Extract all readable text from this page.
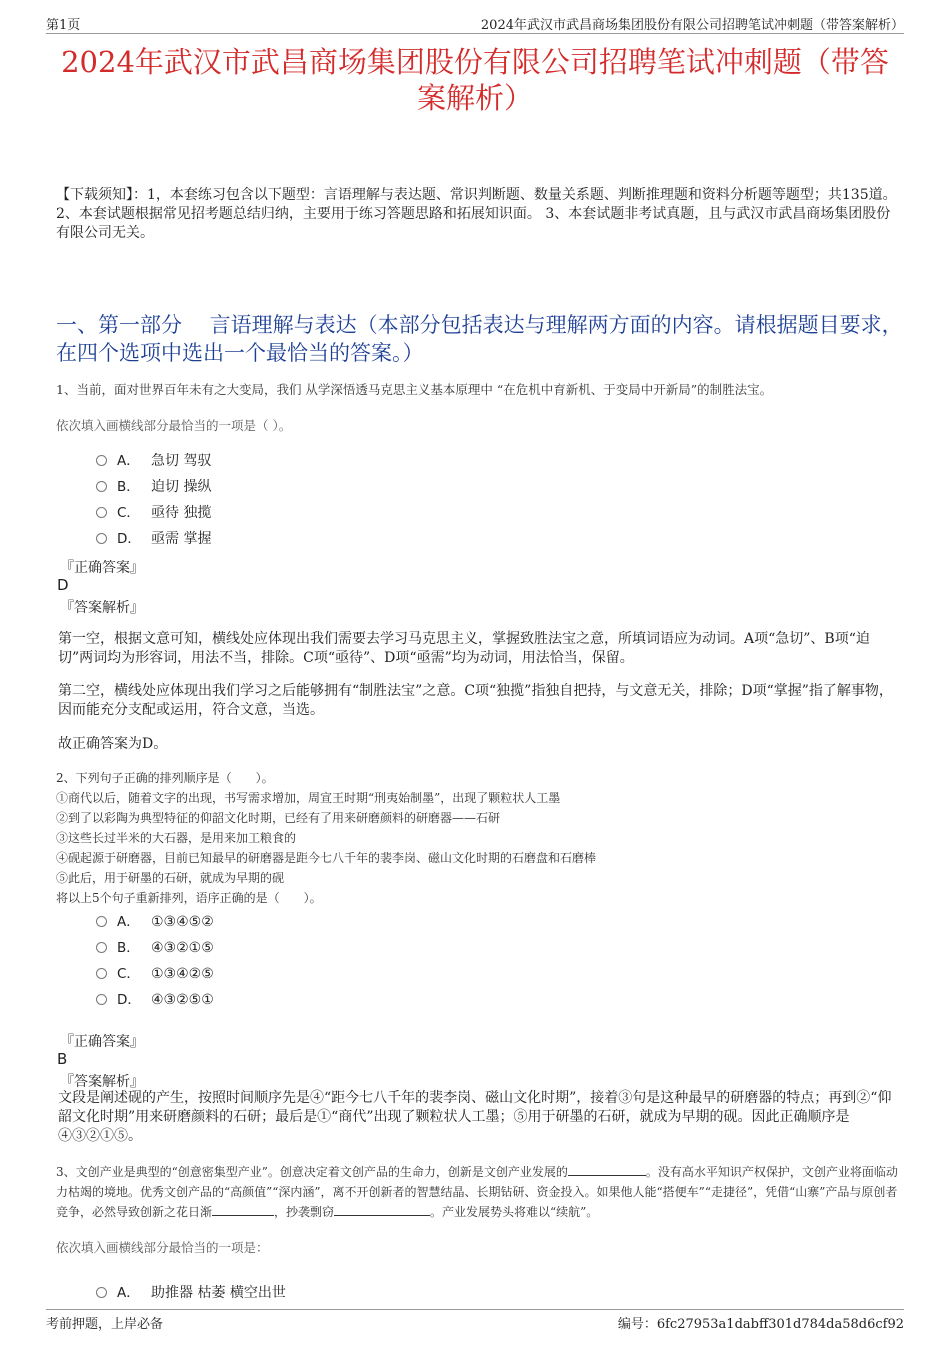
第1页	2024年武汉市武昌商场集团股份有限公司招聘笔试冲刺题（带答案解析）
2024年武汉市武昌商场集团股份有限公司招聘笔试冲刺题（带答案解析）
【下载须知】：1，本套练习包含以下题型：言语理解与表达题、常识判断题、数量关系题、判断推理题和资料分析题等题型；共135道。 2、本套试题根据常见招考题总结归纳，主要用于练习答题思路和拓展知识面。 3、本套试题非考试真题，且与武汉市武昌商场集团股份有限公司无关。
一、第一部分　 言语理解与表达（本部分包括表达与理解两方面的内容。请根据题目要求，在四个选项中选出一个最恰当的答案。）
1、当前，面对世界百年未有之大变局，我们 从学深悟透马克思主义基本原理中 “在危机中育新机、于变局中开新局”的制胜法宝。
依次填入画横线部分最恰当的一项是（ ）。
A． 急切 驾驭
B． 迫切 操纵
C． 亟待 独揽
D． 亟需 掌握
『正确答案』
D
『答案解析』
第一空，根据文意可知，横线处应体现出我们需要去学习马克思主义，掌握致胜法宝之意，所填词语应为动词。A项“急切”、B项“迫切”两词均为形容词，用法不当，排除。C项“亟待”、D项“亟需”均为动词，用法恰当，保留。
第二空，横线处应体现出我们学习之后能够拥有“制胜法宝”之意。C项“独揽”指独自把持，与文意无关，排除；D项“掌握”指了解事物，因而能充分支配或运用，符合文意，当选。
故正确答案为D。
2、下列句子正确的排列顺序是（　　）。
①商代以后，随着文字的出现，书写需求增加，周宣王时期“刑夷始制墨”，出现了颗粒状人工墨
②到了以彩陶为典型特征的仰韶文化时期，已经有了用来研磨颜料的研磨器——石研
③这些长过半米的大石器，是用来加工粮食的
④砚起源于研磨器，目前已知最早的研磨器是距今七八千年的裴李岗、磁山文化时期的石磨盘和石磨棒
⑤此后，用于研墨的石研，就成为早期的砚
将以上5个句子重新排列，语序正确的是（　　）。
A． ①③④⑤②
B． ④③②①⑤
C． ①③④②⑤
D． ④③②⑤①
『正确答案』
B
『答案解析』
文段是阐述砚的产生，按照时间顺序先是④“距今七八千年的裴李岗、磁山文化时期”，接着③句是这种最早的研磨器的特点；再到②“仰韶文化时期”用来研磨颜料的石研；最后是①“商代”出现了颗粒状人工墨；⑤用于研墨的石研，就成为早期的砚。因此正确顺序是④③②①⑤。
3、文创产业是典型的“创意密集型产业”。创意决定着文创产品的生命力，创新是文创产业发展的	。没有高水平知识产权保护，文创产业将面临动力枯竭的境地。优秀文创产品的“高颜值”“深内涵”，离不开创新者的智慧结晶、长期钻研、资金投入。如果他人能“搭便车”“走捷径”，凭借“山寨”产品与原创者竞争，必然导致创新之花日渐	，抄袭剽窃	。产业发展势头将难以“续航”。
依次填入画横线部分最恰当的一项是：
A． 助推器 枯萎 横空出世
考前押题，上岸必备	编号：6fc27953a1dabff301d784da58d6cf92
